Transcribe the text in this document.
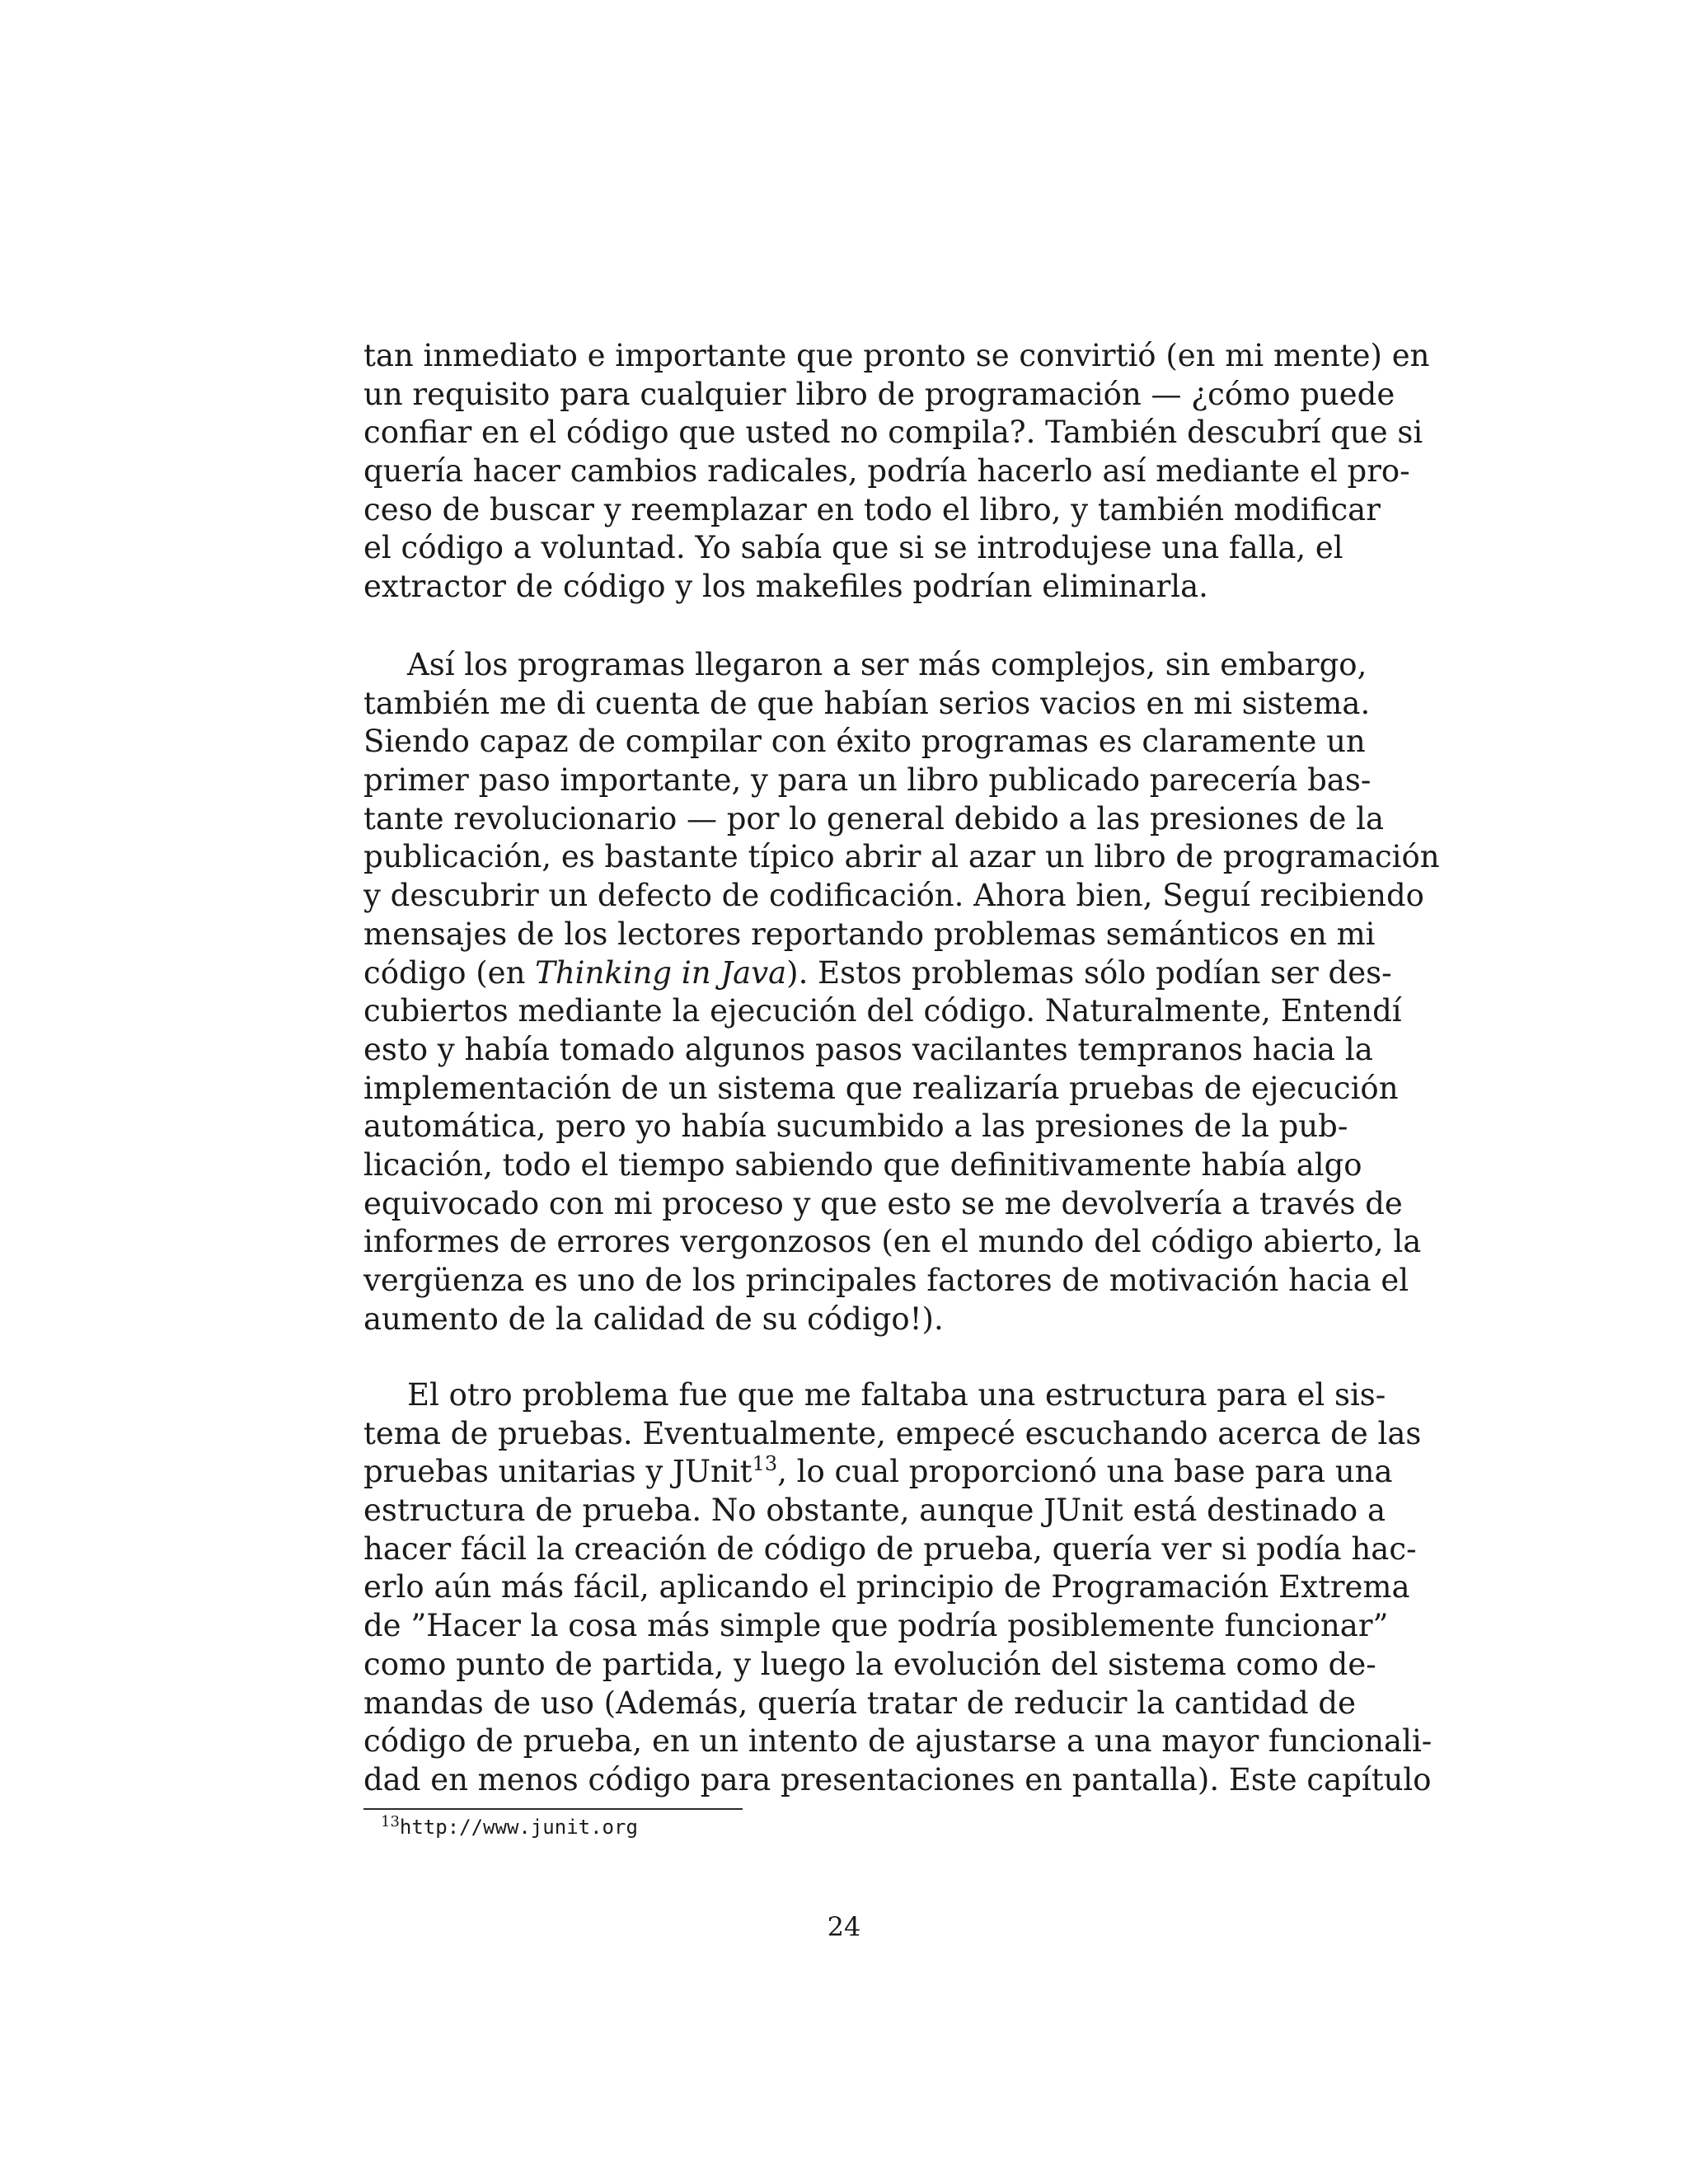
tan inmediato e importante que pronto se convirtió (en mi mente) en
un requisito para cualquier libro de programación — ¿cómo puede
confiar en el código que usted no compila?. También descubrí que si
quería hacer cambios radicales, podría hacerlo así mediante el pro-
ceso de buscar y reemplazar en todo el libro, y también modificar
el código a voluntad. Yo sabía que si se introdujese una falla, el
extractor de código y los makefiles podrían eliminarla.
Así los programas llegaron a ser más complejos, sin embargo,
también me di cuenta de que habían serios vacios en mi sistema.
Siendo capaz de compilar con éxito programas es claramente un
primer paso importante, y para un libro publicado parecería bas-
tante revolucionario — por lo general debido a las presiones de la
publicación, es bastante típico abrir al azar un libro de programación
y descubrir un defecto de codificación. Ahora bien, Seguí recibiendo
mensajes de los lectores reportando problemas semánticos en mi
código (en Thinking in Java). Estos problemas sólo podían ser des-
cubiertos mediante la ejecución del código. Naturalmente, Entendí
esto y había tomado algunos pasos vacilantes tempranos hacia la
implementación de un sistema que realizaría pruebas de ejecución
automática, pero yo había sucumbido a las presiones de la pub-
licación, todo el tiempo sabiendo que definitivamente había algo
equivocado con mi proceso y que esto se me devolvería a través de
informes de errores vergonzosos (en el mundo del código abierto, la
vergüenza es uno de los principales factores de motivación hacia el
aumento de la calidad de su código!).
El otro problema fue que me faltaba una estructura para el sis-
tema de pruebas. Eventualmente, empecé escuchando acerca de las
pruebas unitarias y JUnit$^{13}$, lo cual proporcionó una base para una
estructura de prueba. No obstante, aunque JUnit está destinado a
hacer fácil la creación de código de prueba, quería ver si podía hac-
erlo aún más fácil, aplicando el principio de Programación Extrema
de ”Hacer la cosa más simple que podría posiblemente funcionar”
como punto de partida, y luego la evolución del sistema como de-
mandas de uso (Además, quería tratar de reducir la cantidad de
código de prueba, en un intento de ajustarse a una mayor funcionali-
dad en menos código para presentaciones en pantalla). Este capítulo
$^{13}$http://www.junit.org
24
